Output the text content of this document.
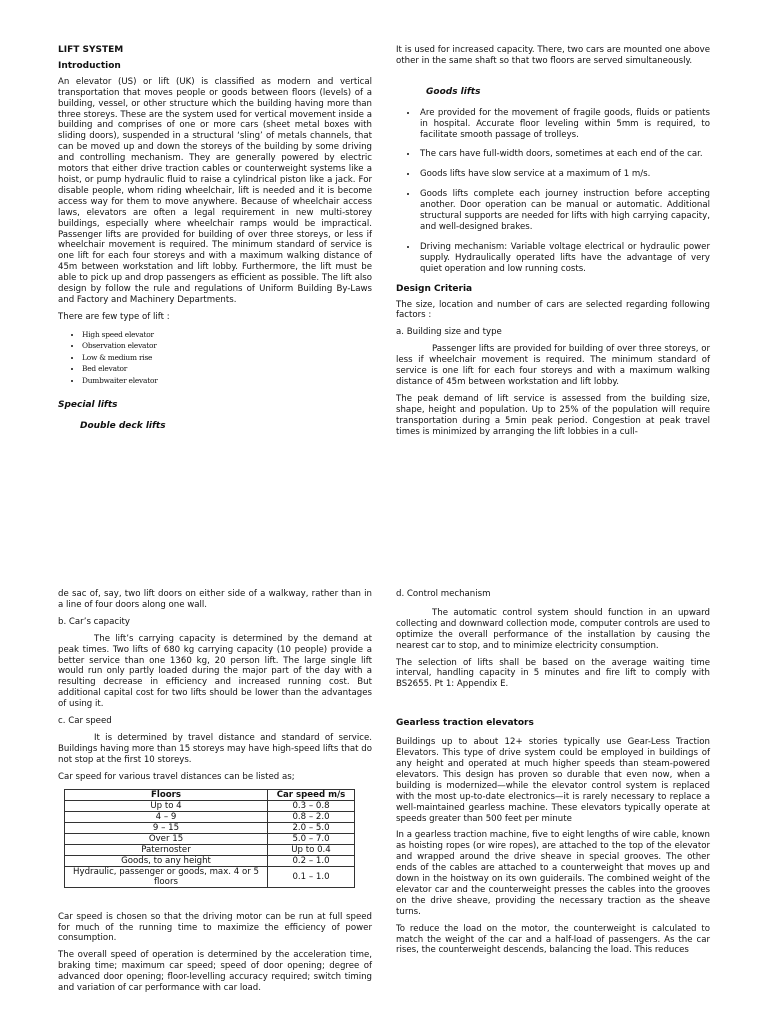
LIFT SYSTEM
Introduction

An elevator (US) or lift (UK) is classified as modern and vertical transportation that moves people or goods between floors (levels) of a building, vessel, or other structure which the building having more than three storeys. These are the system used for vertical movement inside a building and comprises of one or more cars (sheet metal boxes with sliding doors), suspended in a structural ‘sling’ of metals channels, that can be moved up and down the storeys of the building by some driving and controlling mechanism. They are generally powered by electric motors that either drive traction cables or counterweight systems like a hoist, or pump hydraulic fluid to raise a cylindrical piston like a jack. For disable people, whom riding wheelchair, lift is needed and it is become access way for them to move anywhere. Because of wheelchair access laws, elevators are often a legal requirement in new multi-storey buildings, especially where wheelchair ramps would be impractical. Passenger lifts are provided for building of over three storeys, or less if wheelchair movement is required. The minimum standard of service is one lift for each four storeys and with a maximum walking distance of 45m between workstation and lift lobby. Furthermore, the lift must be able to pick up and drop passengers as efficient as possible. The lift also design by follow the rule and regulations of Uniform Building By-Laws and Factory and Machinery Departments.

There are few type of lift :

• High speed elevator
• Observation elevator
• Low & medium rise
• Bed elevator
• Dumbwaiter elevator
Special lifts
Double deck lifts

It is used for increased capacity. There, two cars are mounted one above other in the same shaft so that two floors are served simultaneously.

Goods lifts
• Are provided for the movement of fragile goods, fluids or patients in hospital. Accurate floor leveling within 5mm is required, to facilitate smooth passage of trolleys.
• The cars have full-width doors, sometimes at each end of the car.
• Goods lifts have slow service at a maximum of 1 m/s.
• Goods lifts complete each journey instruction before accepting another. Door operation can be manual or automatic. Additional structural supports are needed for lifts with high carrying capacity, and well-designed brakes.
• Driving mechanism: Variable voltage electrical or hydraulic power supply. Hydraulically operated lifts have the advantage of very quiet operation and low running costs.
Design Criteria

The size, location and number of cars are selected regarding following factors :

a. Building size and type

Passenger lifts are provided for building of over three storeys, or less if wheelchair movement is required. The minimum standard of service is one lift for each four storeys and with a maximum walking distance of 45m between workstation and lift lobby.

The peak demand of lift service is assessed from the building size, shape, height and population. Up to 25% of the population will require transportation during a 5min peak period. Congestion at peak travel times is minimized by arranging the lift lobbies in a cull-

de sac of, say, two lift doors on either side of a walkway, rather than in a line of four doors along one wall.

b. Car’s capacity

The lift’s carrying capacity is determined by the demand at peak times. Two lifts of 680 kg carrying capacity (10 people) provide a better service than one 1360 kg, 20 person lift. The large single lift would run only partly loaded during the major part of the day with a resulting decrease in efficiency and increased running cost. But additional capital cost for two lifts should be lower than the advantages of using it.

c. Car speed

It is determined by travel distance and standard of service. Buildings having more than 15 storeys may have high-speed lifts that do not stop at the first 10 storeys.

Car speed for various travel distances can be listed as;

Floors	Car speed m/s
Up to 4	0.3 – 0.8
4 – 9	0.8 – 2.0
9 – 15	2.0 – 5.0
Over 15	5.0 – 7.0
Paternoster	Up to 0.4
Goods, to any height	0.2 – 1.0
Hydraulic, passenger or goods, max. 4 or 5 floors	0.1 – 1.0

Car speed is chosen so that the driving motor can be run at full speed for much of the running time to maximize the efficiency of power consumption.

The overall speed of operation is determined by the acceleration time, braking time; maximum car speed; speed of door opening; degree of advanced door opening; floor-levelling accuracy required; switch timing and variation of car performance with car load.

d. Control mechanism

The automatic control system should function in an upward collecting and downward collection mode, computer controls are used to optimize the overall performance of the installation by causing the nearest car to stop, and to minimize electricity consumption.

The selection of lifts shall be based on the average waiting time interval, handling capacity in 5 minutes and fire lift to comply with BS2655. Pt 1: Appendix E.

Gearless traction elevators

Buildings up to about 12+ stories typically use Gear-Less Traction Elevators. This type of drive system could be employed in buildings of any height and operated at much higher speeds than steam-powered elevators. This design has proven so durable that even now, when a building is modernized—while the elevator control system is replaced with the most up-to-date electronics—it is rarely necessary to replace a well-maintained gearless machine. These elevators typically operate at speeds greater than 500 feet per minute

In a gearless traction machine, five to eight lengths of wire cable, known as hoisting ropes (or wire ropes), are attached to the top of the elevator and wrapped around the drive sheave in special grooves. The other ends of the cables are attached to a counterweight that moves up and down in the hoistway on its own guiderails. The combined weight of the elevator car and the counterweight presses the cables into the grooves on the drive sheave, providing the necessary traction as the sheave turns.

To reduce the load on the motor, the counterweight is calculated to match the weight of the car and a half-load of passengers. As the car rises, the counterweight descends, balancing the load. This reduces
